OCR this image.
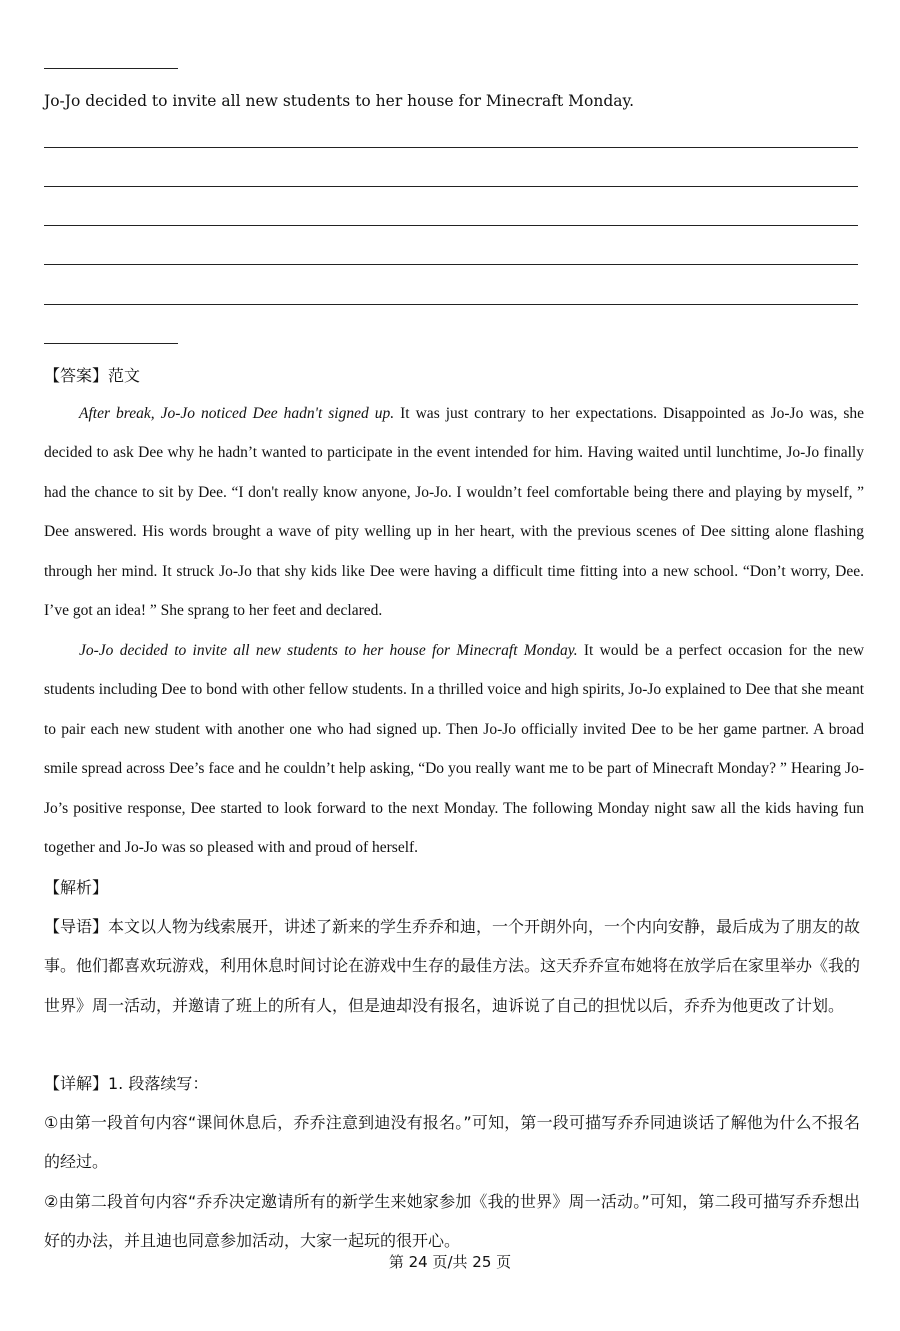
Jo-Jo decided to invite all new students to her house for Minecraft Monday.
【答案】范文
After break, Jo-Jo noticed Dee hadn't signed up. It was just contrary to her expectations. Disappointed as Jo-Jo was, she decided to ask Dee why he hadn’t wanted to participate in the event intended for him. Having waited until lunchtime, Jo-Jo finally had the chance to sit by Dee. “I don't really know anyone, Jo-Jo. I wouldn’t feel comfortable being there and playing by myself, ” Dee answered. His words brought a wave of pity welling up in her heart, with the previous scenes of Dee sitting alone flashing through her mind. It struck Jo-Jo that shy kids like Dee were having a difficult time fitting into a new school. “Don’t worry, Dee. I’ve got an idea! ” She sprang to her feet and declared.
Jo-Jo decided to invite all new students to her house for Minecraft Monday. It would be a perfect occasion for the new students including Dee to bond with other fellow students. In a thrilled voice and high spirits, Jo-Jo explained to Dee that she meant to pair each new student with another one who had signed up. Then Jo-Jo officially invited Dee to be her game partner. A broad smile spread across Dee’s face and he couldn’t help asking, “Do you really want me to be part of Minecraft Monday? ” Hearing Jo-Jo’s positive response, Dee started to look forward to the next Monday. The following Monday night saw all the kids having fun together and Jo-Jo was so pleased with and proud of herself.
【解析】
【导语】本文以人物为线索展开，讲述了新来的学生乔乔和迪，一个开朗外向，一个内向安静，最后成为了朋友的故事。他们都喜欢玩游戏，利用休息时间讨论在游戏中生存的最佳方法。这天乔乔宣布她将在放学后在家里举办《我的世界》周一活动，并邀请了班上的所有人，但是迪却没有报名，迪诉说了自己的担忧以后，乔乔为他更改了计划。
【详解】1. 段落续写：
①由第一段首句内容“课间休息后，乔乔注意到迪没有报名。”可知，第一段可描写乔乔同迪谈话了解他为什么不报名的经过。
②由第二段首句内容“乔乔决定邀请所有的新学生来她家参加《我的世界》周一活动。”可知，第二段可描写乔乔想出好的办法，并且迪也同意参加活动，大家一起玩的很开心。
第 24 页/共 25 页
